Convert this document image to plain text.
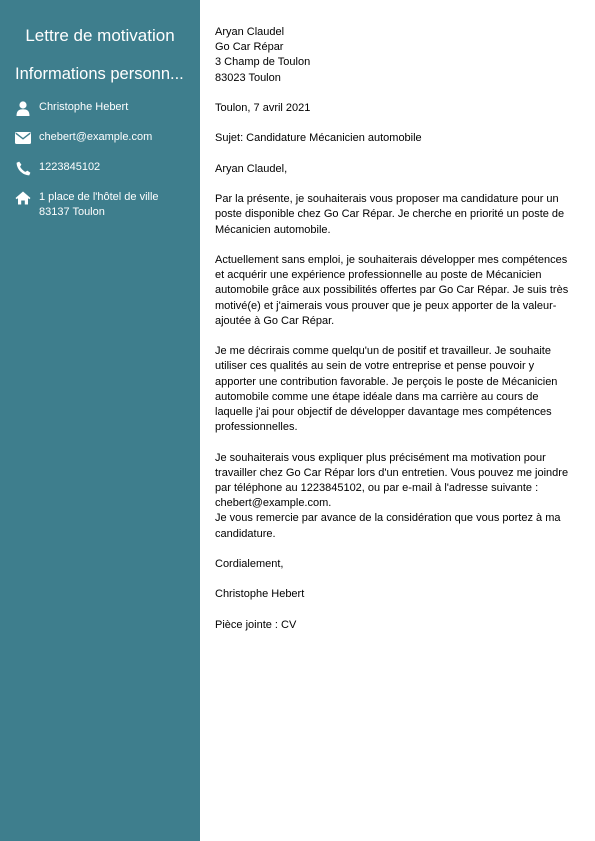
Lettre de motivation
Informations personn...
Christophe Hebert
chebert@example.com
1223845102
1 place de l'hôtel de ville
83137 Toulon
Aryan Claudel
Go Car Répar
3 Champ de Toulon
83023 Toulon
Toulon, 7 avril 2021
Sujet: Candidature Mécanicien automobile
Aryan Claudel,
Par la présente, je souhaiterais vous proposer ma candidature pour un poste disponible chez Go Car Répar. Je cherche en priorité un poste de Mécanicien automobile.
Actuellement sans emploi, je souhaiterais développer mes compétences et acquérir une expérience professionnelle au poste de Mécanicien automobile grâce aux possibilités offertes par Go Car Répar. Je suis très motivé(e) et j'aimerais vous prouver que je peux apporter de la valeur-ajoutée à Go Car Répar.
Je me décrirais comme quelqu'un de positif et travailleur. Je souhaite utiliser ces qualités au sein de votre entreprise et pense pouvoir y apporter une contribution favorable. Je perçois le poste de Mécanicien automobile comme une étape idéale dans ma carrière au cours de laquelle j'ai pour objectif de développer davantage mes compétences professionnelles.
Je souhaiterais vous expliquer plus précisément ma motivation pour travailler chez Go Car Répar lors d'un entretien. Vous pouvez me joindre par téléphone au 1223845102, ou par e-mail à l'adresse suivante : chebert@example.com.
Je vous remercie par avance de la considération que vous portez à ma candidature.
Cordialement,
Christophe Hebert
Pièce jointe : CV
